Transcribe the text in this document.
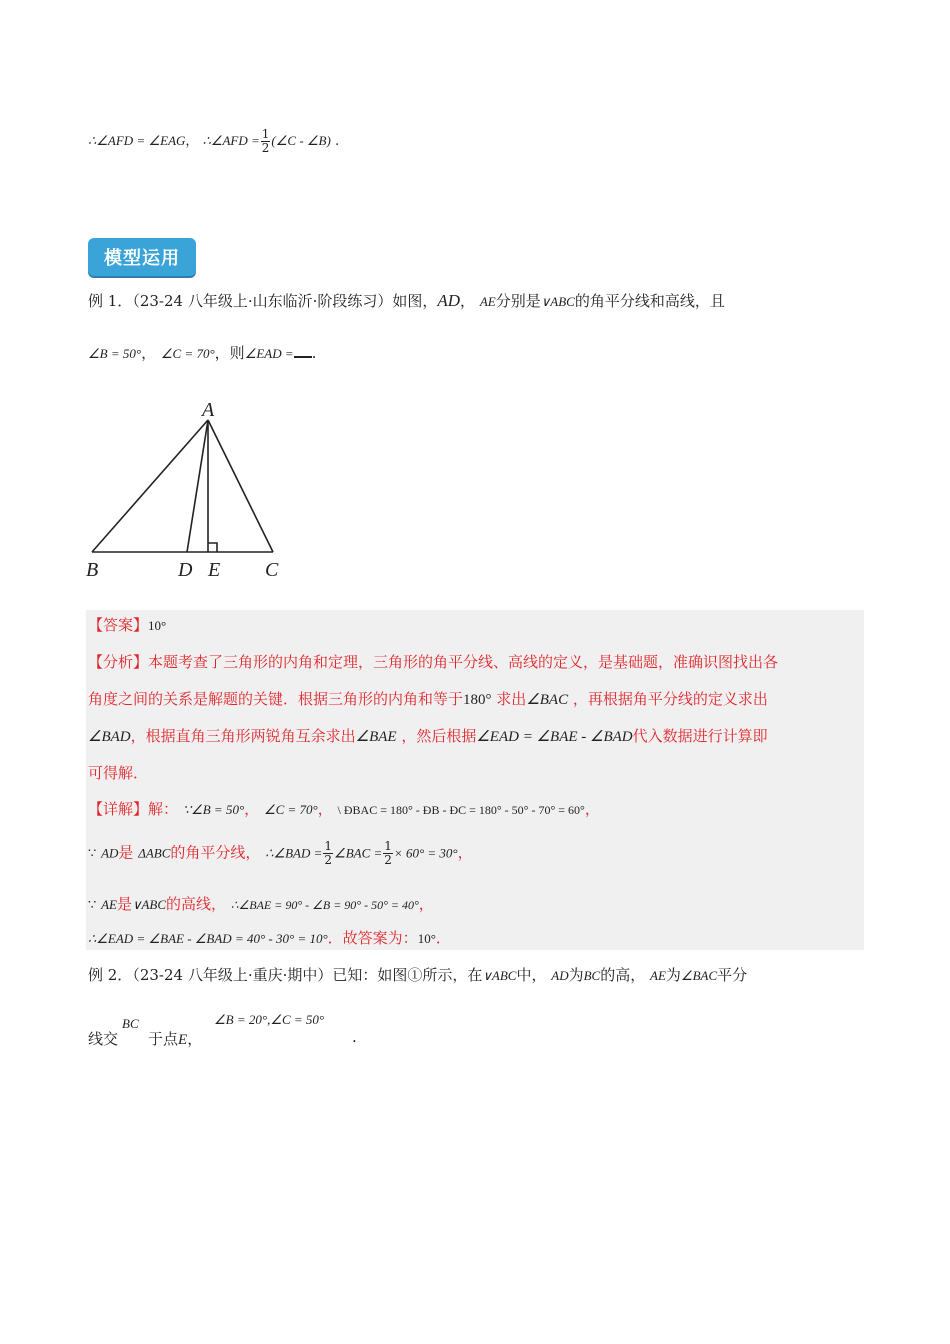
∴∠AFD = ∠EAG， ∴∠AFD = $\frac{1}{2}$ (∠C - ∠B) .
模型运用
例 1．（23-24 八年级上·山东临沂·阶段练习）如图，AD， AE分别是∨ABC的角平分线和高线，且
∠B = 50°， ∠C = 70°，则∠EAD = .
A
B	D E C
【答案】10°
【分析】本题考查了三角形的内角和定理，三角形的角平分线、高线的定义，是基础题，准确识图找出各
角度之间的关系是解题的关键．根据三角形的内角和等于180° 求出∠BAC ，再根据角平分线的定义求出
∠BAD，根据直角三角形两锐角互余求出∠BAE ，然后根据∠EAD = ∠BAE - ∠BAD代入数据进行计算即
可得解．
【详解】解： ∵∠B = 50°， ∠C = 70°， \ ÐBAC = 180° - ÐB - ÐC = 180° - 50° - 70° = 60°，
∵ AD是 ΔABC的角平分线， ∴∠BAD = $\frac{1}{2}$ ∠BAC = $\frac{1}{2} \times 60^\circ = 30^\circ$，
∵ AE是∨ABC的高线， ∴∠BAE = 90° - ∠B = 90° - 50° = 40°，
∴∠EAD = ∠BAE - ∠BAD = 40° - 30° = 10°．故答案为：10°．
例 2．（23-24 八年级上·重庆·期中）已知：如图①所示，在∨ABC中， AD为BC的高， AE为∠BAC平分
线交
BC
于点E，
∠B = 20°,∠C = 50°
.
